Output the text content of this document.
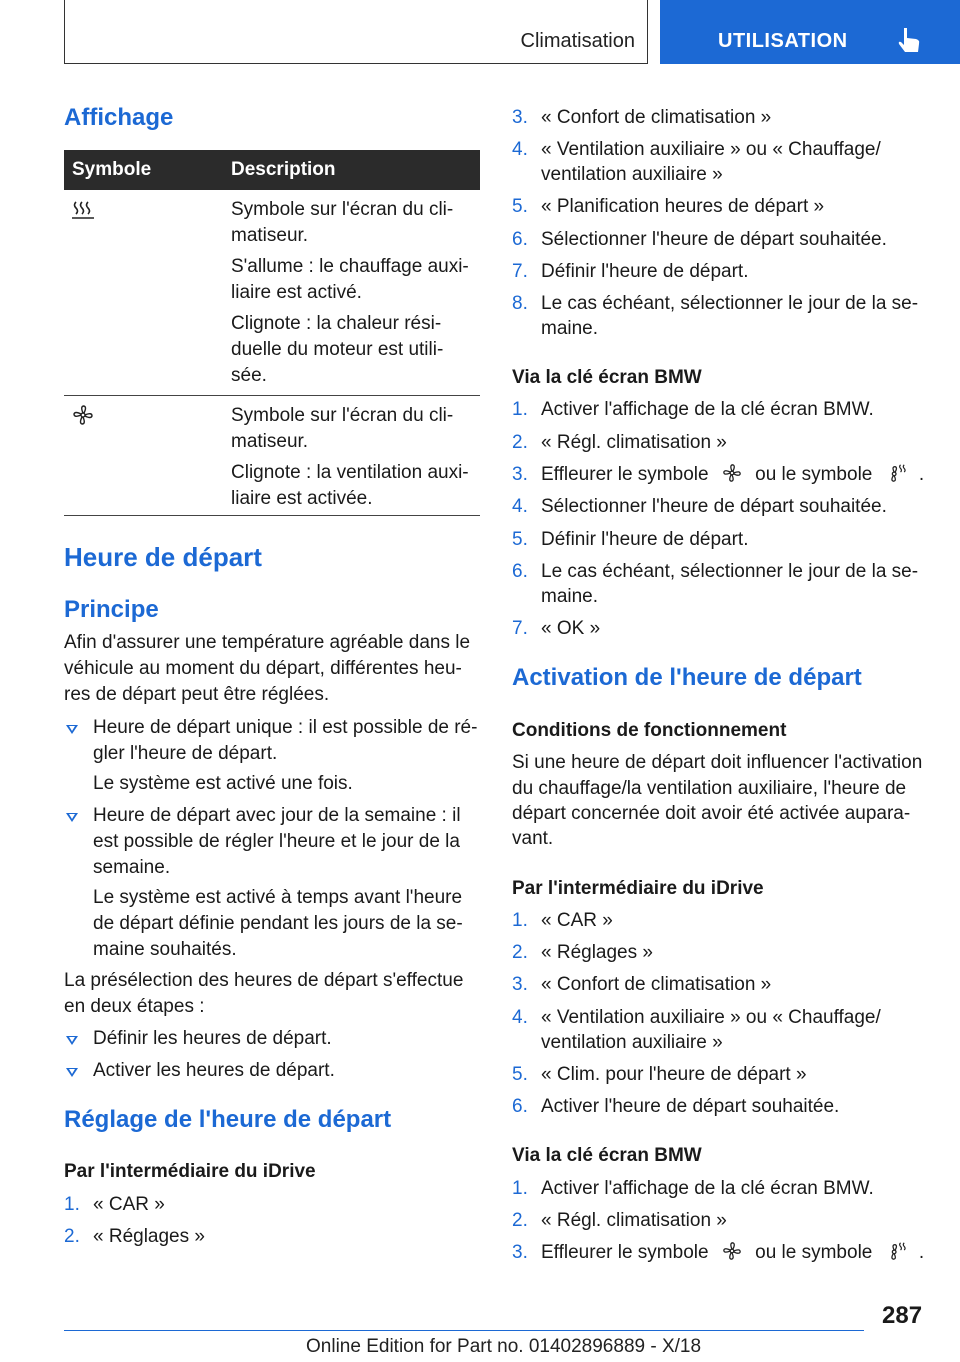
Climatisation	UTILISATION
Affichage
Symbole	Description
Symbole sur l'écran du cli-
matiseur.
S'allume : le chauffage auxi-
liaire est activé.
Clignote : la chaleur rési-
duelle du moteur est utili-
sée.
Symbole sur l'écran du cli-
matiseur.
Clignote : la ventilation auxi-
liaire est activée.
Heure de départ
Principe
Afin d'assurer une température agréable dans le
véhicule au moment du départ, différentes heu-
res de départ peut être réglées.
Heure de départ unique : il est possible de ré-
gler l'heure de départ.
Le système est activé une fois.
Heure de départ avec jour de la semaine : il
est possible de régler l'heure et le jour de la
semaine.
Le système est activé à temps avant l'heure
de départ définie pendant les jours de la se-
maine souhaités.
La présélection des heures de départ s'effectue
en deux étapes :
Définir les heures de départ.
Activer les heures de départ.
Réglage de l'heure de départ
Par l'intermédiaire du iDrive
1. « CAR »
2. « Réglages »
3. « Confort de climatisation »
4. « Ventilation auxiliaire » ou « Chauffage/
ventilation auxiliaire »
5. « Planification heures de départ »
6. Sélectionner l'heure de départ souhaitée.
7. Définir l'heure de départ.
8. Le cas échéant, sélectionner le jour de la se-
maine.
Via la clé écran BMW
1. Activer l'affichage de la clé écran BMW.
2. « Régl. climatisation »
3. Effleurer le symbole ou le symbole .
4. Sélectionner l'heure de départ souhaitée.
5. Définir l'heure de départ.
6. Le cas échéant, sélectionner le jour de la se-
maine.
7. « OK »
Activation de l'heure de départ
Conditions de fonctionnement
Si une heure de départ doit influencer l'activation
du chauffage/la ventilation auxiliaire, l'heure de
départ concernée doit avoir été activée aupara-
vant.
Par l'intermédiaire du iDrive
1. « CAR »
2. « Réglages »
3. « Confort de climatisation »
4. « Ventilation auxiliaire » ou « Chauffage/
ventilation auxiliaire »
5. « Clim. pour l'heure de départ »
6. Activer l'heure de départ souhaitée.
Via la clé écran BMW
1. Activer l'affichage de la clé écran BMW.
2. « Régl. climatisation »
3. Effleurer le symbole ou le symbole .
287
Online Edition for Part no. 01402896889 - X/18
